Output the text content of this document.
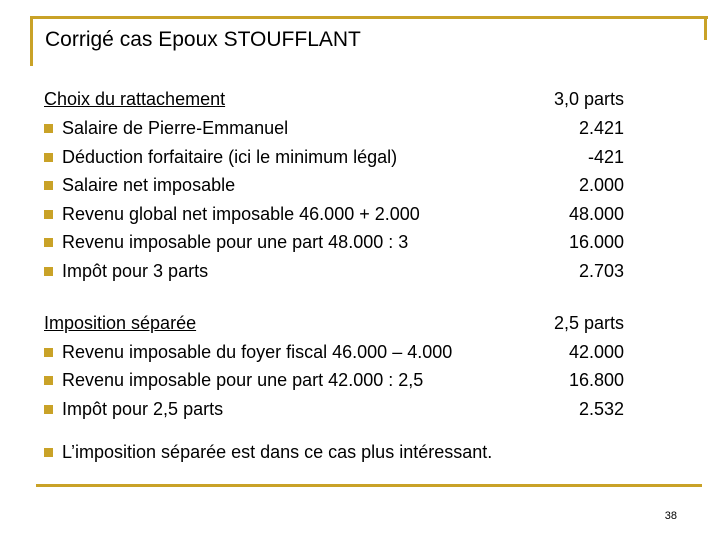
Corrigé cas Epoux STOUFFLANT
Choix du rattachement	3,0 parts
Salaire de Pierre-Emmanuel	2.421
Déduction forfaitaire (ici le minimum légal)	-421
Salaire net imposable	2.000
Revenu global net imposable 46.000 + 2.000	48.000
Revenu imposable pour une part 48.000 : 3	16.000
Impôt pour 3 parts	2.703
Imposition séparée	2,5 parts
Revenu imposable du foyer fiscal 46.000 – 4.000	42.000
Revenu imposable pour une part 42.000 : 2,5	16.800
Impôt pour 2,5 parts	2.532
L’imposition séparée est dans ce cas plus intéressant.
38
